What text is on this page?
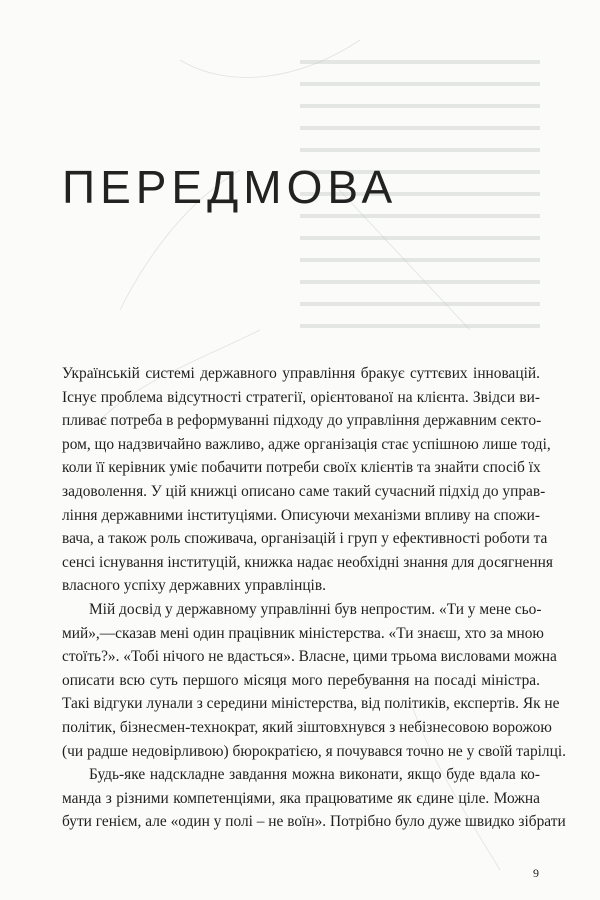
ПЕРЕДМОВА

Українській системі державного управління бракує суттєвих інновацій.
Існує проблема відсутності стратегії, орієнтованої на клієнта. Звідси ви-
пливає потреба в реформуванні підходу до управління державним сектo-
ром, що надзвичайно важливо, адже організація стає успішною лише тоді,
коли її керівник уміє побачити потреби своїх клієнтів та знайти спосіб їх
задоволення. У цій книжці описано саме такий сучасний підхід до управ-
ління державними інституціями. Описуючи механізми впливу на спожи-
вача, а також роль споживача, організацій і груп у ефективності роботи та
сенсі існування інституцій, книжка надає необхідні знання для досягнення
власного успіху державних управлінців.

Мій досвід у державному управлінні був непростим. «Ти у мене сьо-
мий»,—сказав мені один працівник міністерства. «Ти знаєш, хто за мною
стоїть?». «Тобі нічого не вдасться». Власне, цими трьома висловами можна
описати всю суть першого місяця мого перебування на посаді міністра.
Такі відгуки лунали з середини міністерства, від політиків, експертів. Як не
політик, бізнесмен-технократ, який зіштовхнувся з небізнесовою ворожою
(чи радше недовірливою) бюрократією, я почувався точно не у своїй тарілці.

Будь-яке надскладне завдання можна виконати, якщо буде вдала ко-
манда з різними компетенціями, яка працюватиме як єдине ціле. Можна
бути генієм, але «один у полі – не воїн». Потрібно було дуже швидко зібрати

9
